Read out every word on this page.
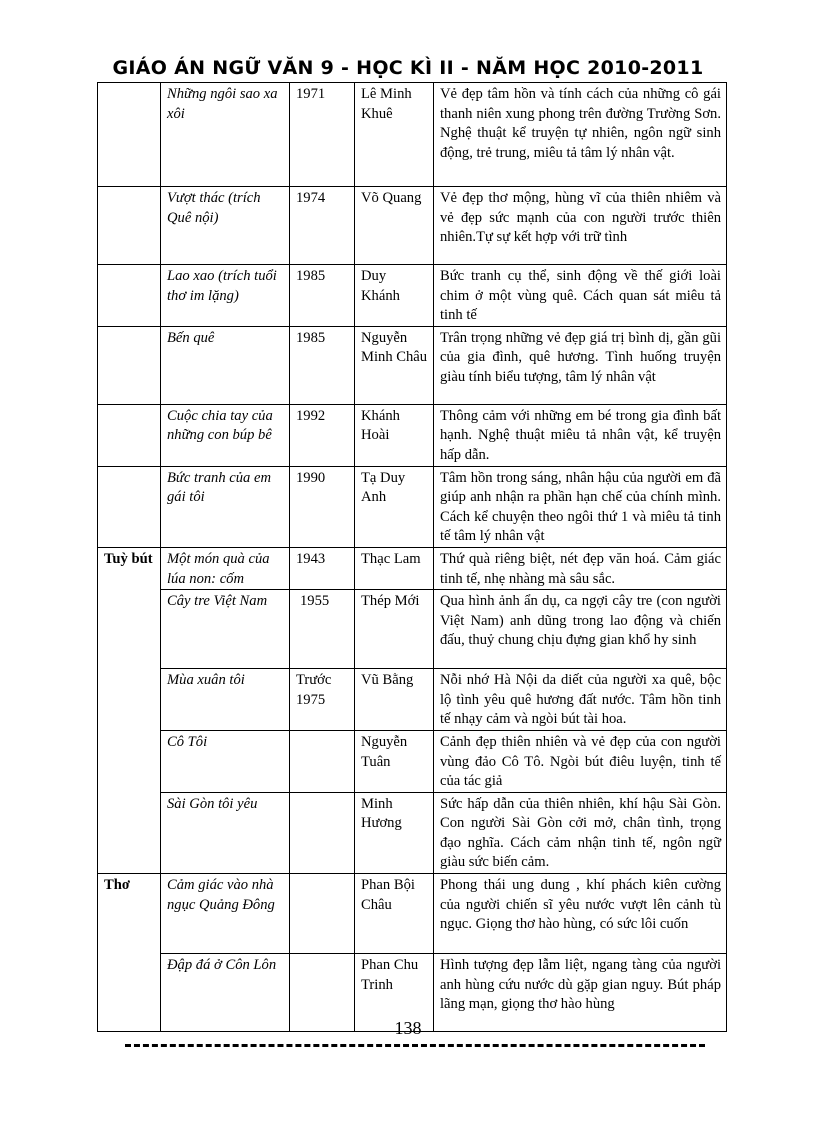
GIÁO ÁN NGỮ VĂN 9 - HỌC KÌ II - NĂM HỌC 2010-2011
	Những ngôi sao xa xôi	1971	Lê Minh Khuê	Vẻ đẹp tâm hồn và tính cách của những cô gái thanh niên xung phong trên đường Trường Sơn. Nghệ thuật kể truyện tự nhiên, ngôn ngữ sinh động, trẻ trung, miêu tả tâm lý nhân vật.
	Vượt thác (trích Quê nội)	1974	Võ Quang	Vẻ đẹp thơ mộng, hùng vĩ của thiên nhiêm và vẻ đẹp sức mạnh của con người trước thiên nhiên.Tự sự kết hợp với trữ tình
	Lao xao (trích tuổi thơ im lặng)	1985	Duy Khánh	Bức tranh cụ thể, sinh động về thế giới loài chim ở một vùng quê. Cách quan sát miêu tả tinh tế
	Bến quê	1985	Nguyễn Minh Châu	Trân trọng những vẻ đẹp giá trị bình dị, gần gũi của gia đình, quê hương. Tình huống truyện giàu tính biểu tượng, tâm lý nhân vật
	Cuộc chia tay của những con búp bê	1992	Khánh Hoài	Thông cảm với những em bé trong gia đình bất hạnh. Nghệ thuật miêu tả nhân vật, kể truyện hấp dẫn.
	Bức tranh của em gái tôi	1990	Tạ Duy Anh	Tâm hồn trong sáng, nhân hậu của người em đã giúp anh nhận ra phần hạn chế của chính mình. Cách kể chuyện theo ngôi thứ 1 và miêu tả tinh tế tâm lý nhân vật
Tuỳ bút	Một món quà của lúa non: cốm	1943	Thạc Lam	Thứ quà riêng biệt, nét đẹp văn hoá. Cảm giác tinh tế, nhẹ nhàng mà sâu sắc.
	Cây tre Việt Nam	1955	Thép Mới	Qua hình ảnh ẩn dụ, ca ngợi cây tre (con người Việt Nam) anh dũng trong lao động và chiến đấu, thuỷ chung chịu đựng gian khổ hy sinh
	Mùa xuân tôi	Trước 1975	Vũ Bằng	Nỗi nhớ Hà Nội da diết của người xa quê, bộc lộ tình yêu quê hương đất nước. Tâm hồn tinh tế nhạy cảm và ngòi bút tài hoa.
	Cô Tôi		Nguyễn Tuân	Cảnh đẹp thiên nhiên và vẻ đẹp của con người vùng đảo Cô Tô. Ngòi bút điêu luyện, tinh tế của tác giả
	Sài Gòn tôi yêu		Minh Hương	Sức hấp dẫn của thiên nhiên, khí hậu Sài Gòn. Con người Sài Gòn cởi mở, chân tình, trọng đạo nghĩa. Cách cảm nhận tinh tế, ngôn ngữ giàu sức biến cảm.
Thơ	Cảm giác vào nhà ngục Quảng Đông		Phan Bội Châu	Phong thái ung dung , khí phách kiên cường của người chiến sĩ yêu nước vượt lên cảnh tù ngục. Giọng thơ hào hùng, có sức lôi cuốn
	Đập đá ở Côn Lôn		Phan Chu Trinh	Hình tượng đẹp lẫm liệt, ngang tàng của người anh hùng cứu nước dù gặp gian nguy. Bút pháp lãng mạn, giọng thơ hào hùng
138
